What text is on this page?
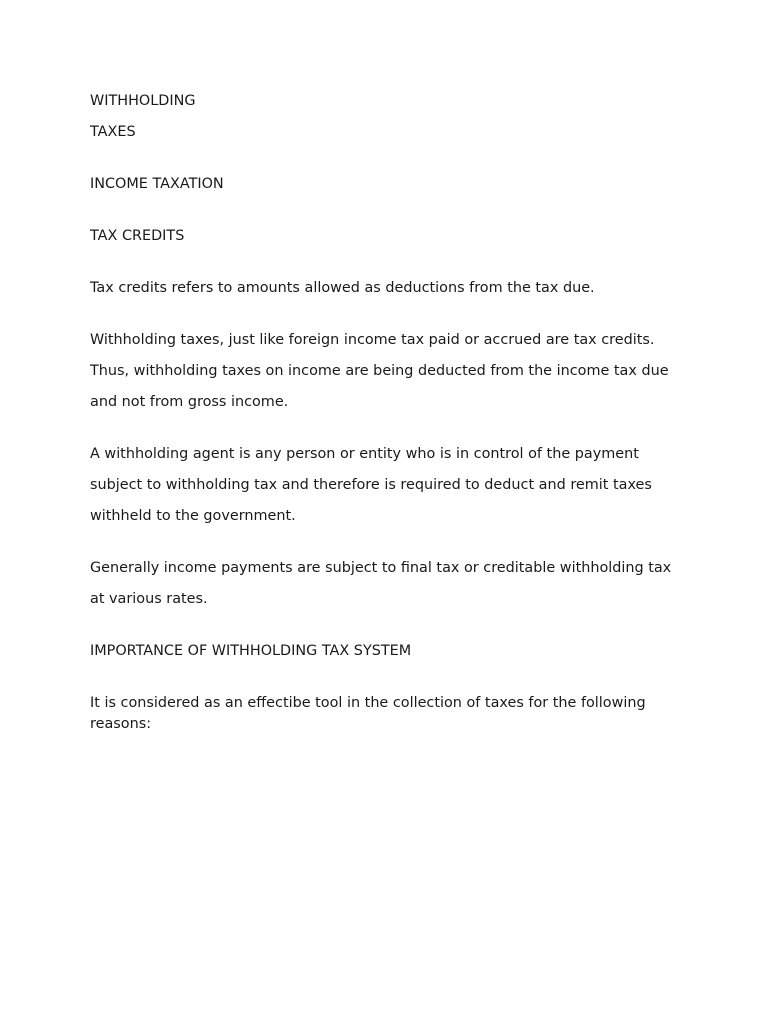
WITHHOLDING

TAXES

INCOME TAXATION

TAX CREDITS

Tax credits refers to amounts allowed as deductions from the tax due.

Withholding taxes, just like foreign income tax paid or accrued are tax credits.

Thus, withholding taxes on income are being deducted from the income tax due

and not from gross income.

A withholding agent is any person or entity who is in control of the payment

subject to withholding tax and therefore is required to deduct and remit taxes

withheld to the government.

Generally income payments are subject to final tax or creditable withholding tax

at various rates.

IMPORTANCE OF WITHHOLDING TAX SYSTEM

It is considered as an effectibe tool in the collection of taxes for the following reasons:
